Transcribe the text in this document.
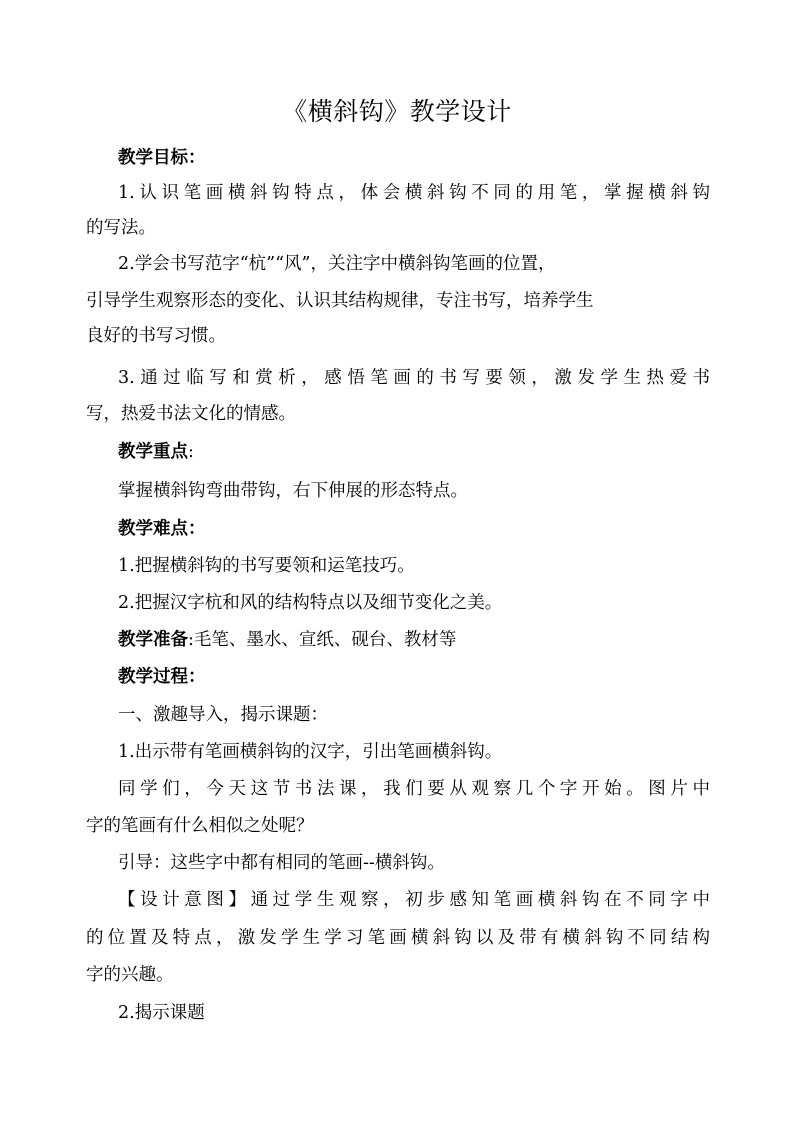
《横斜钩》教学设计

教学目标：

1.认识笔画横斜钩特点，体会横斜钩不同的用笔，掌握横斜钩

的写法。

2.学会书写范字“杭”“风”，关注字中横斜钩笔画的位置，

引导学生观察形态的变化、认识其结构规律，专注书写，培养学生

良好的书写习惯。

3.通过临写和赏析，感悟笔画的书写要领，激发学生热爱书

写，热爱书法文化的情感。

教学重点:

掌握横斜钩弯曲带钩，右下伸展的形态特点。

教学难点：

1.把握横斜钩的书写要领和运笔技巧。

2.把握汉字杭和风的结构特点以及细节变化之美。

教学准备:毛笔、墨水、宣纸、砚台、教材等

教学过程：

一、激趣导入，揭示课题：

1.出示带有笔画横斜钩的汉字，引出笔画横斜钩。

同学们，今天这节书法课，我们要从观察几个字开始。图片中

字的笔画有什么相似之处呢？

引导：这些字中都有相同的笔画--横斜钩。

【设计意图】通过学生观察，初步感知笔画横斜钩在不同字中

的位置及特点，激发学生学习笔画横斜钩以及带有横斜钩不同结构

字的兴趣。

2.揭示课题
